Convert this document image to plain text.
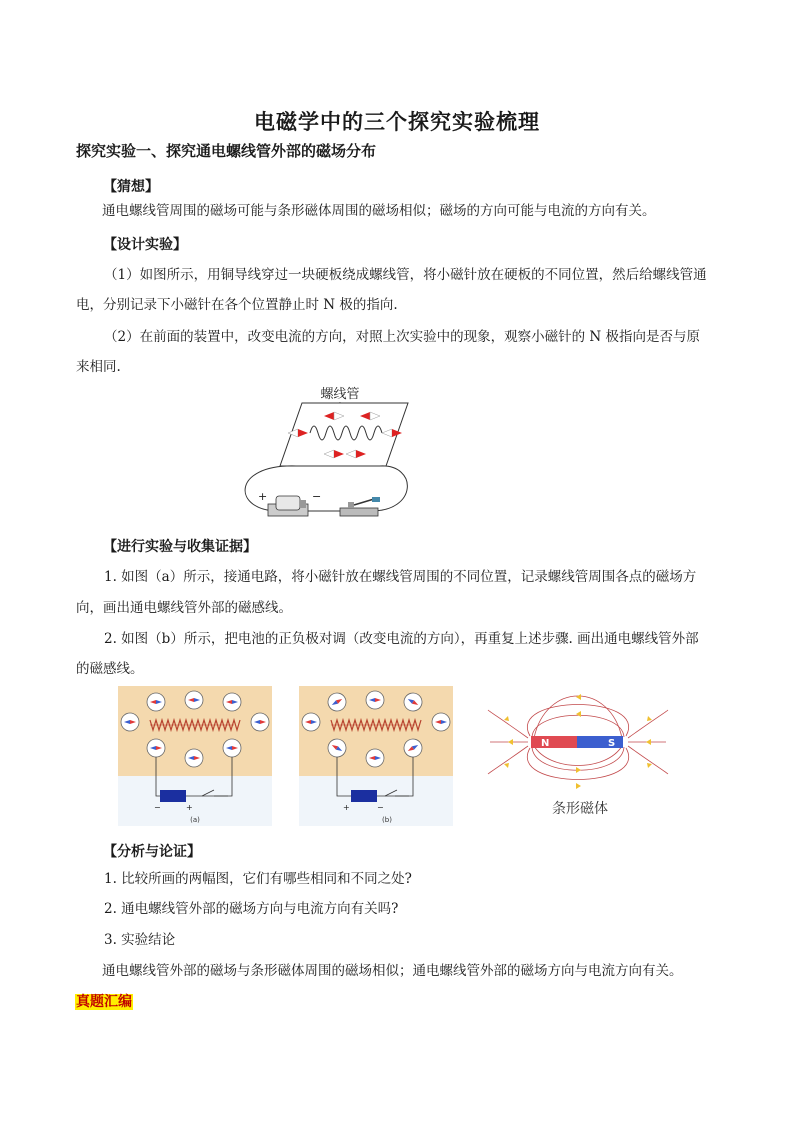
电磁学中的三个探究实验梳理
探究实验一、探究通电螺线管外部的磁场分布
【猜想】
通电螺线管周围的磁场可能与条形磁体周围的磁场相似；磁场的方向可能与电流的方向有关。
【设计实验】
（1）如图所示，用铜导线穿过一块硬板绕成螺线管，将小磁针放在硬板的不同位置，然后给螺线管通
电，分别记录下小磁针在各个位置静止时 N 极的指向.
（2）在前面的装置中，改变电流的方向，对照上次实验中的现象，观察小磁针的 N 极指向是否与原
来相同.
螺线管
+	−
【进行实验与收集证据】
1. 如图（a）所示，接通电路，将小磁针放在螺线管周围的不同位置，记录螺线管周围各点的磁场方
向，画出通电螺线管外部的磁感线。
2. 如图（b）所示，把电池的正负极对调（改变电流的方向），再重复上述步骤. 画出通电螺线管外部
的磁感线。
−	+
(a)
+	−
(b)
N	S
条形磁体
【分析与论证】
1. 比较所画的两幅图，它们有哪些相同和不同之处?
2. 通电螺线管外部的磁场方向与电流方向有关吗?
3. 实验结论
通电螺线管外部的磁场与条形磁体周围的磁场相似；通电螺线管外部的磁场方向与电流方向有关。
真题汇编
